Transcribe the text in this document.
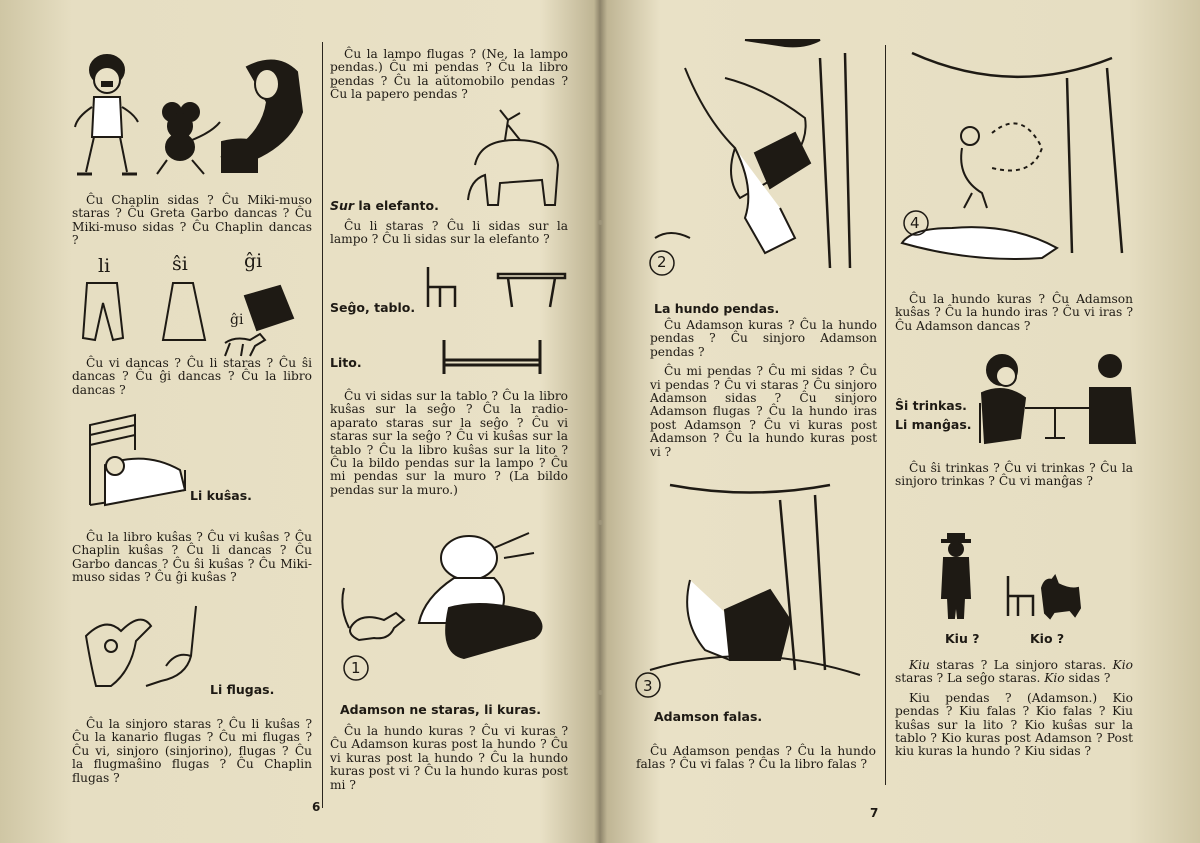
Ĉu Chaplin sidas ? Ĉu Miki-muso staras ? Ĉu Greta Garbo dancas ? Ĉu Miki-muso sidas ? Ĉu Chaplin dancas ?

li	ŝi	ĝi
ĝi

Ĉu vi dancas ? Ĉu li staras ? Ĉu ŝi dancas ? Ĉu ĝi dancas ? Ĉu la libro dancas ?

Li kuŝas.

Ĉu la libro kuŝas ? Ĉu vi kuŝas ? Ĉu Chaplin kuŝas ? Ĉu li dancas ? Ĉu Garbo dancas ? Ĉu ŝi kuŝas ? Ĉu Miki-muso sidas ? Ĉu ĝi kuŝas ?

Li flugas.

Ĉu la sinjoro staras ? Ĉu li kuŝas ? Ĉu la kanario flugas ? Ĉu mi flugas ? Ĉu vi, sinjoro (sinjorino), flugas ? Ĉu la flugmaŝino flugas ? Ĉu Chaplin flugas ?

Ĉu la lampo flugas ? (Ne, la lampo pendas.) Ĉu mi pendas ? Ĉu la libro pendas ? Ĉu la aŭtomobilo pendas ? Ĉu la papero pendas ?

Sur la elefanto.

Ĉu li staras ? Ĉu li sidas sur la lampo ? Ĉu li sidas sur la elefanto ?

Seĝo, tablo.
Lito.

Ĉu vi sidas sur la tablo ? Ĉu la libro kuŝas sur la seĝo ? Ĉu la radio-aparato staras sur la seĝo ? Ĉu vi staras sur la seĝo ? Ĉu vi kuŝas sur la tablo ? Ĉu la libro kuŝas sur la lito ? Ĉu la bildo pendas sur la lampo ? Ĉu mi pendas sur la muro ? (La bildo pendas sur la muro.)

1
Adamson ne staras, li kuras.

Ĉu la hundo kuras ? Ĉu vi kuras ? Ĉu Adamson kuras post la hundo ? Ĉu vi kuras post la hundo ? Ĉu la hundo kuras post vi ? Ĉu la hundo kuras post mi ?

6
2
La hundo pendas.

Ĉu Adamson kuras ? Ĉu la hundo pendas ? Ĉu sinjoro Adamson pendas ?

Ĉu mi pendas ? Ĉu mi sidas ? Ĉu vi pendas ? Ĉu vi staras ? Ĉu sinjoro Adamson sidas ? Ĉu sinjoro Adamson flugas ? Ĉu la hundo iras post Adamson ? Ĉu vi kuras post Adamson ? Ĉu la hundo kuras post vi ?

3
Adamson falas.

Ĉu Adamson pendas ? Ĉu la hundo falas ? Ĉu vi falas ? Ĉu la libro falas ?

4

Ĉu la hundo kuras ? Ĉu Adamson kuŝas ? Ĉu la hundo iras ? Ĉu vi iras ? Ĉu Adamson dancas ?

Ŝi trinkas.
Li manĝas.

Ĉu ŝi trinkas ? Ĉu vi trinkas ? Ĉu la sinjoro trinkas ? Ĉu vi manĝas ?

Kiu ?	Kio ?

Kiu staras ? La sinjoro staras. Kio staras ? La seĝo staras. Kio sidas ?

Kiu pendas ? (Adamson.) Kio pendas ? Kiu falas ? Kio falas ? Kiu kuŝas sur la lito ? Kio kuŝas sur la tablo ? Kio kuras post Adamson ? Post kiu kuras la hundo ? Kiu sidas ?

7
